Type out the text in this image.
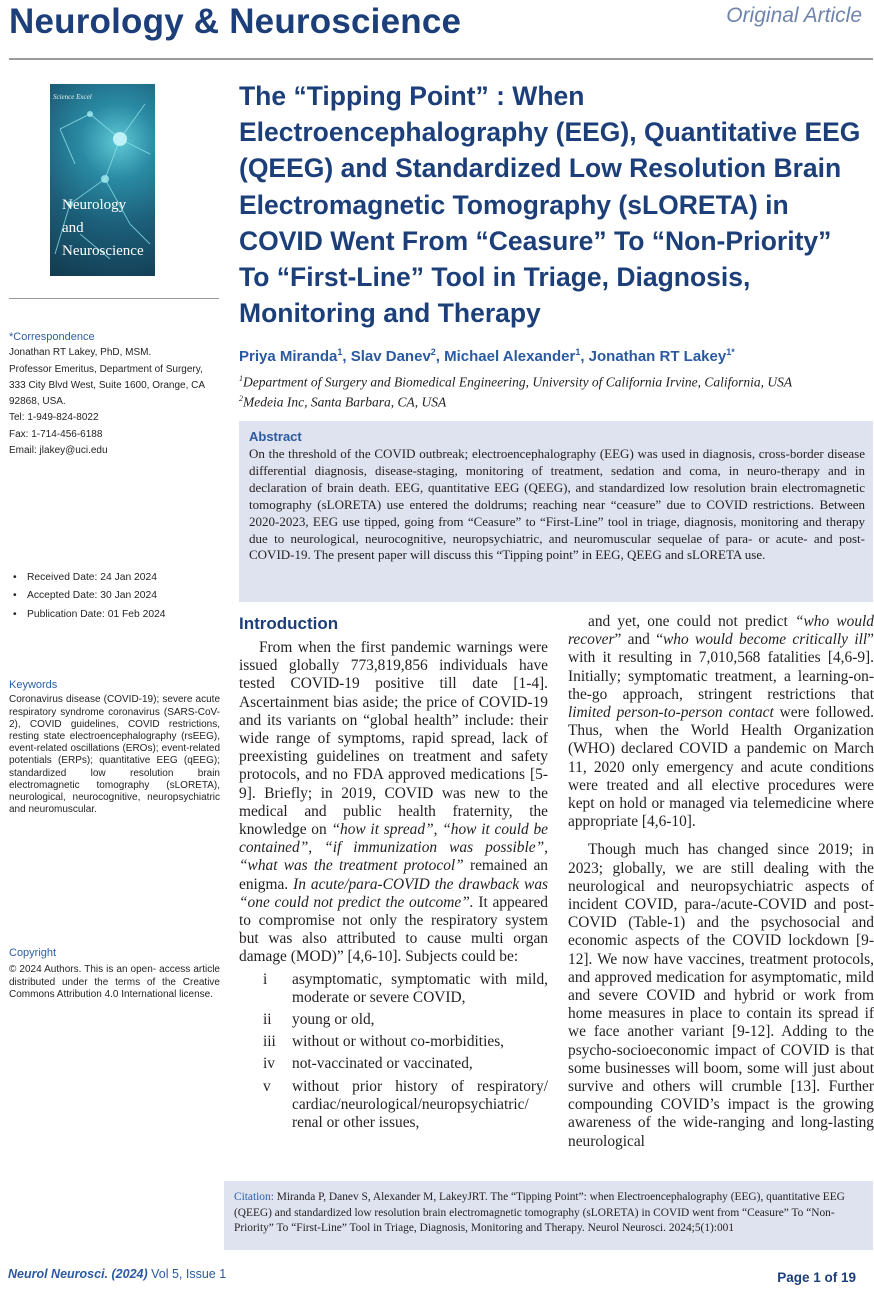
Neurology & Neuroscience	Original Article
Science Excel
Neurology
and
Neuroscience
*Correspondence
Jonathan RT Lakey, PhD, MSM.
Professor Emeritus, Department of Surgery,
333 City Blvd West, Suite 1600, Orange, CA
92868, USA.
Tel: 1-949-824-8022
Fax: 1-714-456-6188
Email: jlakey@uci.edu
• Received Date: 24 Jan 2024
• Accepted Date: 30 Jan 2024
• Publication Date: 01 Feb 2024
Keywords
Coronavirus disease (COVID-19); severe acute respiratory syndrome coronavirus (SARS-CoV-2), COVID guidelines, COVID restrictions, resting state electroencephalography (rsEEG), event-related oscillations (EROs); event-related potentials (ERPs); quantitative EEG (qEEG); standardized low resolution brain electromagnetic tomography (sLORETA), neurological, neurocognitive, neuropsychiatric and neuromuscular.
Copyright
© 2024 Authors. This is an open- access article distributed under the terms of the Creative Commons Attribution 4.0 International license.
The “Tipping Point” : When Electroencephalography (EEG), Quantitative EEG (QEEG) and Standardized Low Resolution Brain Electromagnetic Tomography (sLORETA) in COVID Went From “Ceasure” To “Non-Priority” To “First-Line” Tool in Triage, Diagnosis, Monitoring and Therapy
Priya Miranda$^1$, Slav Danev$^2$, Michael Alexander$^1$, Jonathan RT Lakey$^{1*}$
$^1$Department of Surgery and Biomedical Engineering, University of California Irvine, California, USA
$^2$Medeia Inc, Santa Barbara, CA, USA
Abstract
On the threshold of the COVID outbreak; electroencephalography (EEG) was used in diagnosis, cross-border disease differential diagnosis, disease-staging, monitoring of treatment, sedation and coma, in neuro-therapy and in declaration of brain death. EEG, quantitative EEG (QEEG), and standardized low resolution brain electromagnetic tomography (sLORETA) use entered the doldrums; reaching near “ceasure” due to COVID restrictions. Between 2020-2023, EEG use tipped, going from “Ceasure” to “First-Line” tool in triage, diagnosis, monitoring and therapy due to neurological, neurocognitive, neuropsychiatric, and neuromuscular sequelae of para- or acute- and post-COVID-19. The present paper will discuss this “Tipping point” in EEG, QEEG and sLORETA use.
Introduction

From when the first pandemic warnings were issued globally 773,819,856 individuals have tested COVID-19 positive till date [1-4]. Ascertainment bias aside; the price of COVID-19 and its variants on “global health” include: their wide range of symptoms, rapid spread, lack of preexisting guidelines on treatment and safety protocols, and no FDA approved medications [5-9]. Briefly; in 2019, COVID was new to the medical and public health fraternity, the knowledge on “how it spread”, “how it could be contained”, “if immunization was possible”, “what was the treatment protocol” remained an enigma. In acute/para-COVID the drawback was “one could not predict the outcome”. It appeared to compromise not only the respiratory system but was also attributed to cause multi organ damage (MOD)” [4,6-10]. Subjects could be:

i	asymptomatic, symptomatic with mild, moderate or severe COVID,
ii	young or old,
iii	without or without co-morbidities,
iv	not-vaccinated or vaccinated,
v	without prior history of respiratory/ cardiac/neurological/neuropsychiatric/ renal or other issues,

and yet, one could not predict “who would recover” and “who would become critically ill” with it resulting in 7,010,568 fatalities [4,6-9]. Initially; symptomatic treatment, a learning-on-the-go approach, stringent restrictions that limited person-to-person contact were followed. Thus, when the World Health Organization (WHO) declared COVID a pandemic on March 11, 2020 only emergency and acute conditions were treated and all elective procedures were kept on hold or managed via telemedicine where appropriate [4,6-10].

Though much has changed since 2019; in 2023; globally, we are still dealing with the neurological and neuropsychiatric aspects of incident COVID, para-/acute-COVID and post-COVID (Table-1) and the psychosocial and economic aspects of the COVID lockdown [9-12]. We now have vaccines, treatment protocols, and approved medication for asymptomatic, mild and severe COVID and hybrid or work from home measures in place to contain its spread if we face another variant [9-12]. Adding to the psycho-socioeconomic impact of COVID is that some businesses will boom, some will just about survive and others will crumble [13]. Further compounding COVID’s impact is the growing awareness of the wide-ranging and long-lasting neurological

Citation: Miranda P, Danev S, Alexander M, LakeyJRT. The “Tipping Point”: when Electroencephalography (EEG), quantitative EEG (QEEG) and standardized low resolution brain electromagnetic tomography (sLORETA) in COVID went from “Ceasure” To “Non-Priority” To “First-Line” Tool in Triage, Diagnosis, Monitoring and Therapy. Neurol Neurosci. 2024;5(1):001
Neurol Neurosci. (2024) Vol 5, Issue 1	Page 1 of 19
